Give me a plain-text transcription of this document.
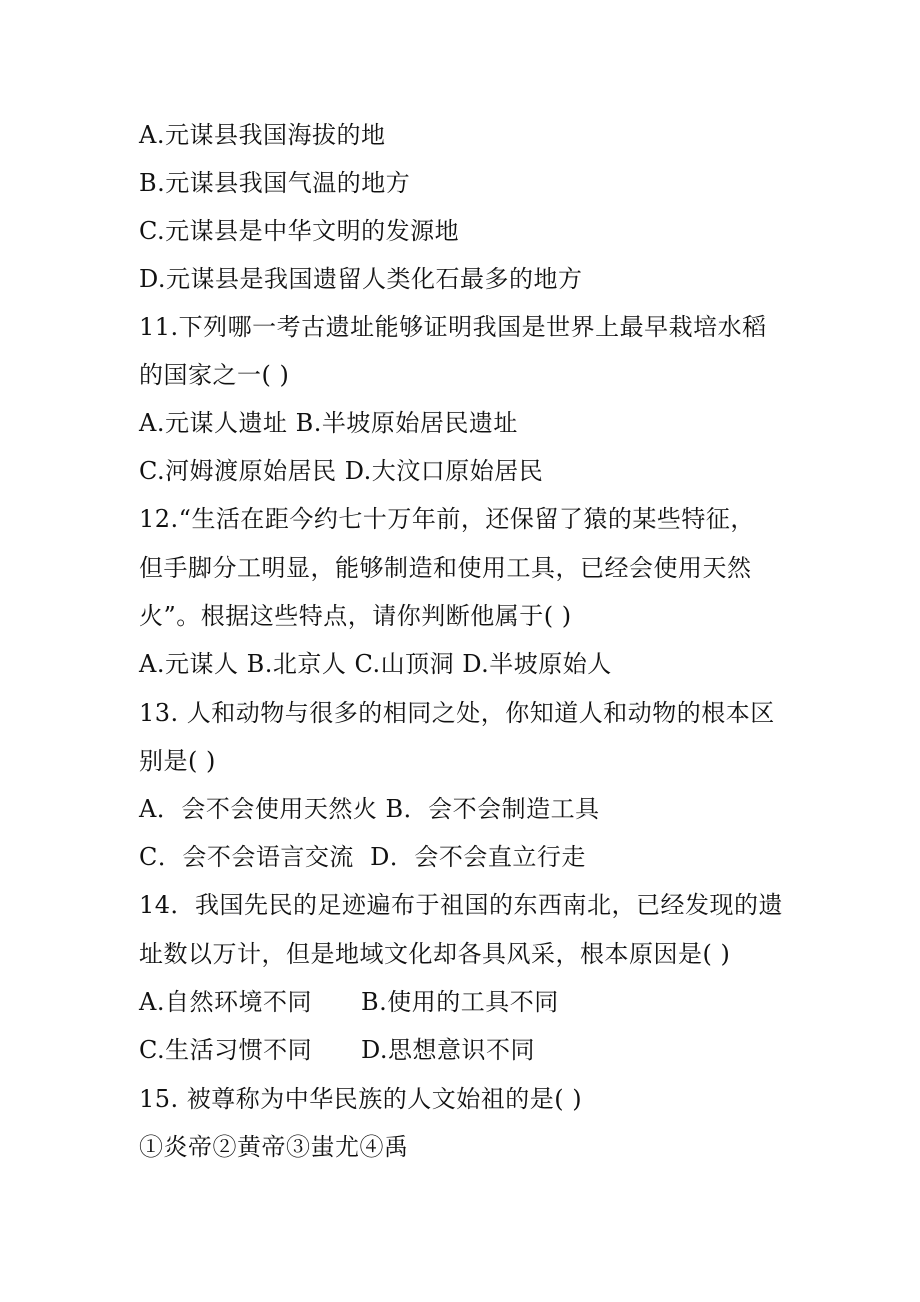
A.元谋县我国海拔的地
B.元谋县我国气温的地方
C.元谋县是中华文明的发源地
D.元谋县是我国遗留人类化石最多的地方
11.下列哪一考古遗址能够证明我国是世界上最早栽培水稻
的国家之一( )
A.元谋人遗址 B.半坡原始居民遗址
C.河姆渡原始居民 D.大汶口原始居民
12.“生活在距今约七十万年前，还保留了猿的某些特征，
但手脚分工明显，能够制造和使用工具，已经会使用天然
火”。根据这些特点，请你判断他属于( )
A.元谋人 B.北京人 C.山顶洞 D.半坡原始人
13. 人和动物与很多的相同之处，你知道人和动物的根本区
别是( )
A．会不会使用天然火 B．会不会制造工具
C．会不会语言交流  D．会不会直立行走
14．我国先民的足迹遍布于祖国的东西南北，已经发现的遗
址数以万计，但是地域文化却各具风采，根本原因是( )
A.自然环境不同 B.使用的工具不同
C.生活习惯不同 D.思想意识不同
15. 被尊称为中华民族的人文始祖的是( )
①炎帝②黄帝③蚩尤④禹
